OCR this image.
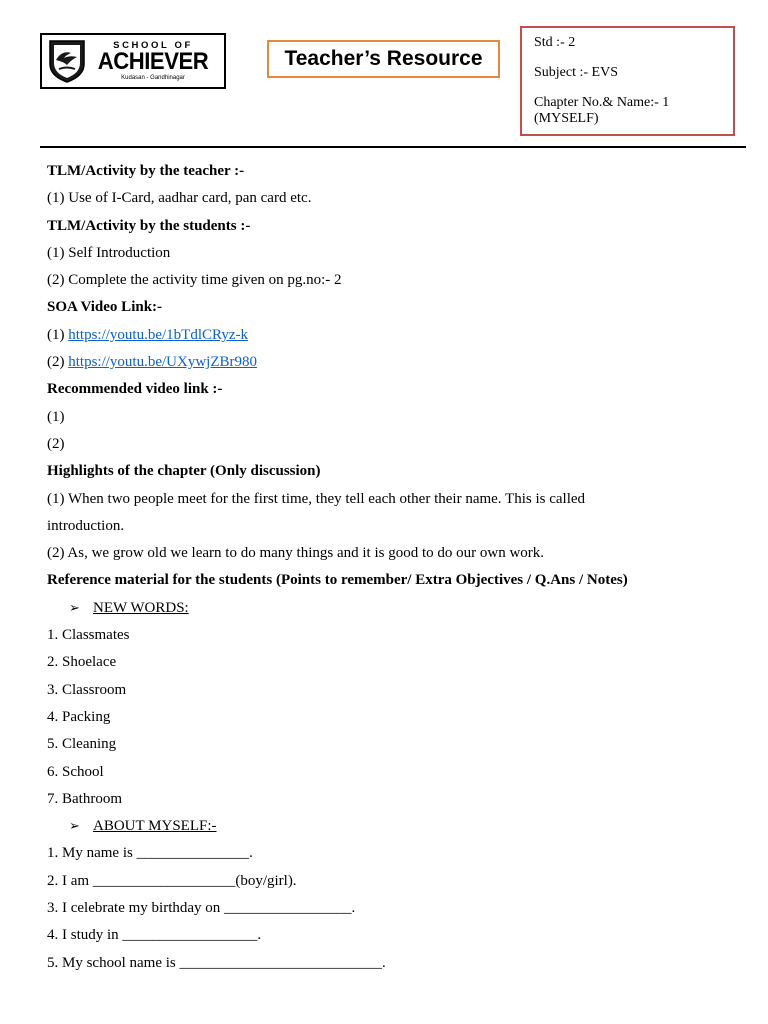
SCHOOL OF
ACHIEVER
Kudasan - Gandhinagar
Teacher’s Resource

Std :- 2

Subject :- EVS

Chapter No.& Name:- 1 (MYSELF)

TLM/Activity by the teacher :-
(1) Use of I-Card, aadhar card, pan card etc.
TLM/Activity by the students :-
(1) Self Introduction
(2) Complete the activity time given on pg.no:- 2
SOA Video Link:-
(1) https://youtu.be/1bTdlCRyz-k
(2) https://youtu.be/UXywjZBr980
Recommended video link :-
(1)
(2)
Highlights of the chapter (Only discussion)
(1) When two people meet for the first time, they tell each other their name. This is called
introduction.
(2) As, we grow old we learn to do many things and it is good to do our own work.
Reference material for the students (Points to remember/ Extra Objectives / Q.Ans / Notes)
➢ NEW WORDS:
1. Classmates
2. Shoelace
3. Classroom
4. Packing
5. Cleaning
6. School
7. Bathroom
➢ ABOUT MYSELF:-
1. My name is _______________.
2. I am ___________________(boy/girl).
3. I celebrate my birthday on _________________.
4. I study in __________________.
5. My school name is ___________________________.
